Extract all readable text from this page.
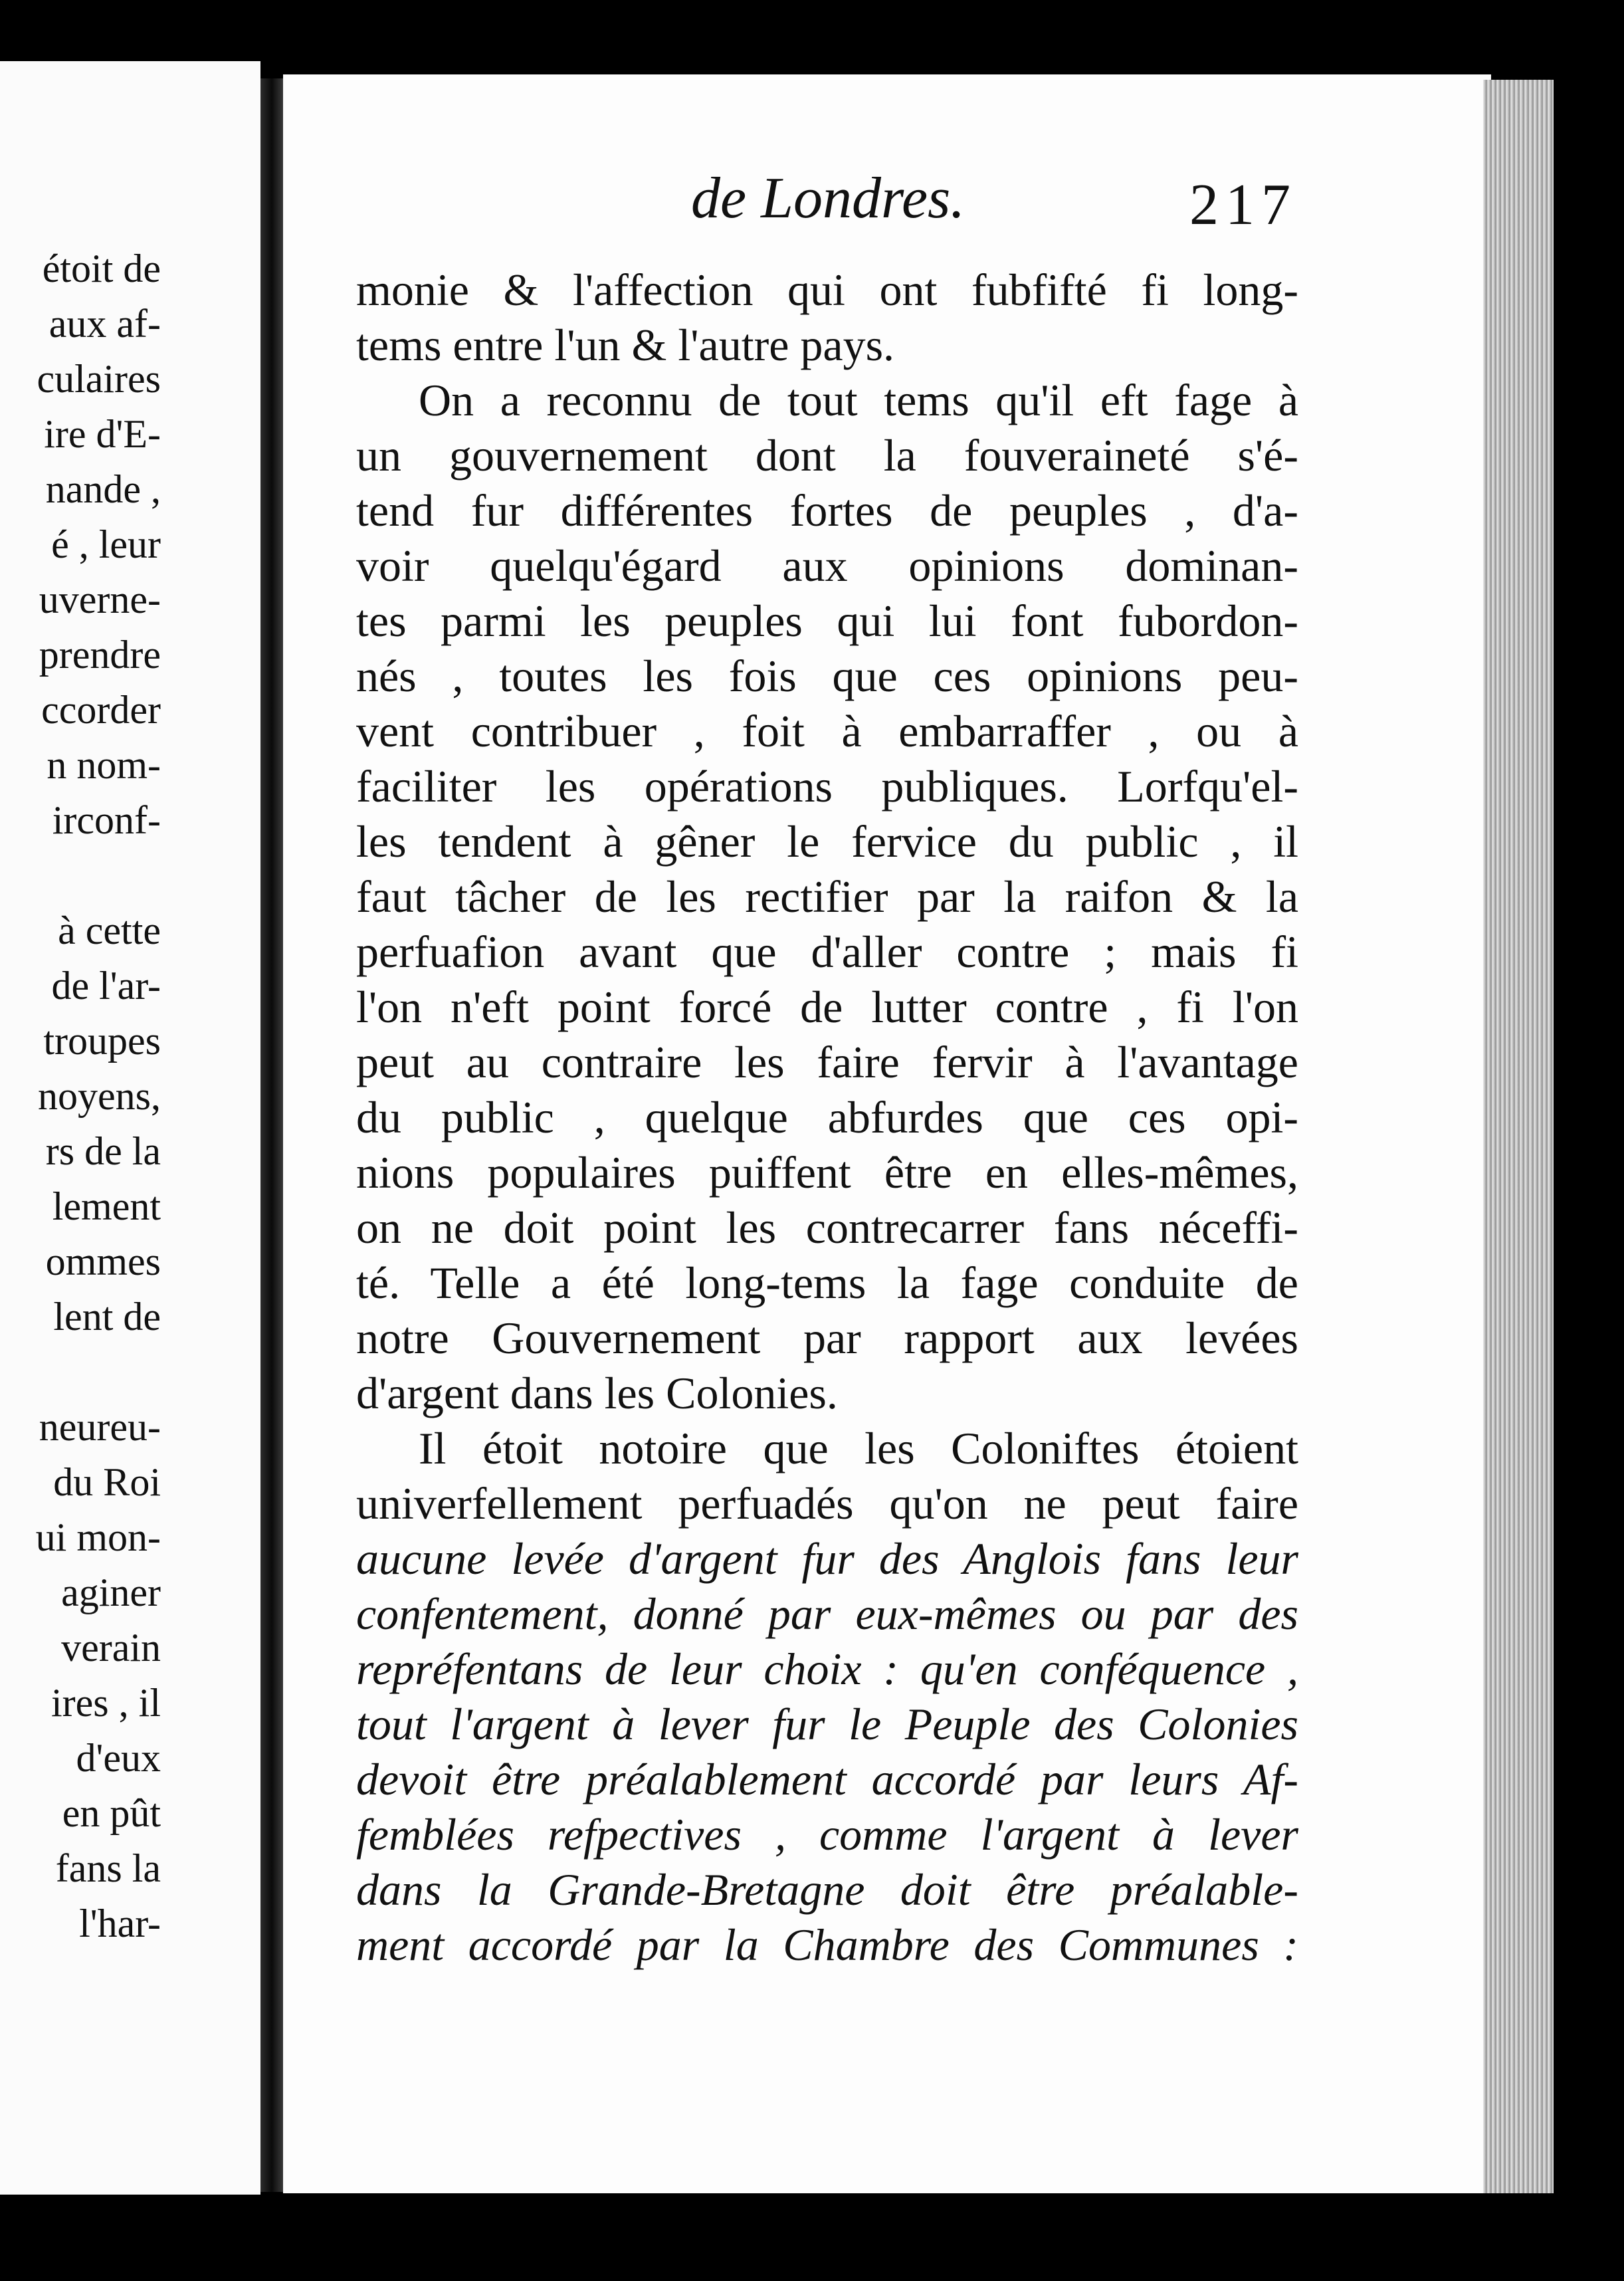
étoit de
aux af-
culaires
ire d'E-
nande ,
é , leur
uverne-
prendre
ccorder
n nom-
irconf-
à cette
de l'ar-
troupes
noyens,
rs de la
lement
ommes
lent de
neureu-
du Roi
ui mon-
aginer
verain
ires , il
d'eux
en pût
fans la
l'har-
de Londres.	217
monie & l'affection qui ont fubfifté fi long-
tems entre l'un & l'autre pays.
On a reconnu de tout tems qu'il eft fage à
un gouvernement dont la fouveraineté s'é-
tend fur différentes fortes de peuples , d'a-
voir quelqu'égard aux opinions dominan-
tes parmi les peuples qui lui font fubordon-
nés , toutes les fois que ces opinions peu-
vent contribuer , foit à embarraffer , ou à
faciliter les opérations publiques. Lorfqu'el-
les tendent à gêner le fervice du public , il
faut tâcher de les rectifier par la raifon & la
perfuafion avant que d'aller contre ; mais fi
l'on n'eft point forcé de lutter contre , fi l'on
peut au contraire les faire fervir à l'avantage
du public , quelque abfurdes que ces opi-
nions populaires puiffent être en elles-mêmes,
on ne doit point les contrecarrer fans néceffi-
té. Telle a été long-tems la fage conduite de
notre Gouvernement par rapport aux levées
d'argent dans les Colonies.
Il étoit notoire que les Coloniftes étoient
univerfellement perfuadés qu'on ne peut faire
aucune levée d'argent fur des Anglois fans leur
confentement, donné par eux-mêmes ou par des
repréfentans de leur choix : qu'en conféquence ,
tout l'argent à lever fur le Peuple des Colonies
devoit être préalablement accordé par leurs Af-
femblées refpectives , comme l'argent à lever
dans la Grande-Bretagne doit être préalable-
ment accordé par la Chambre des Communes :
